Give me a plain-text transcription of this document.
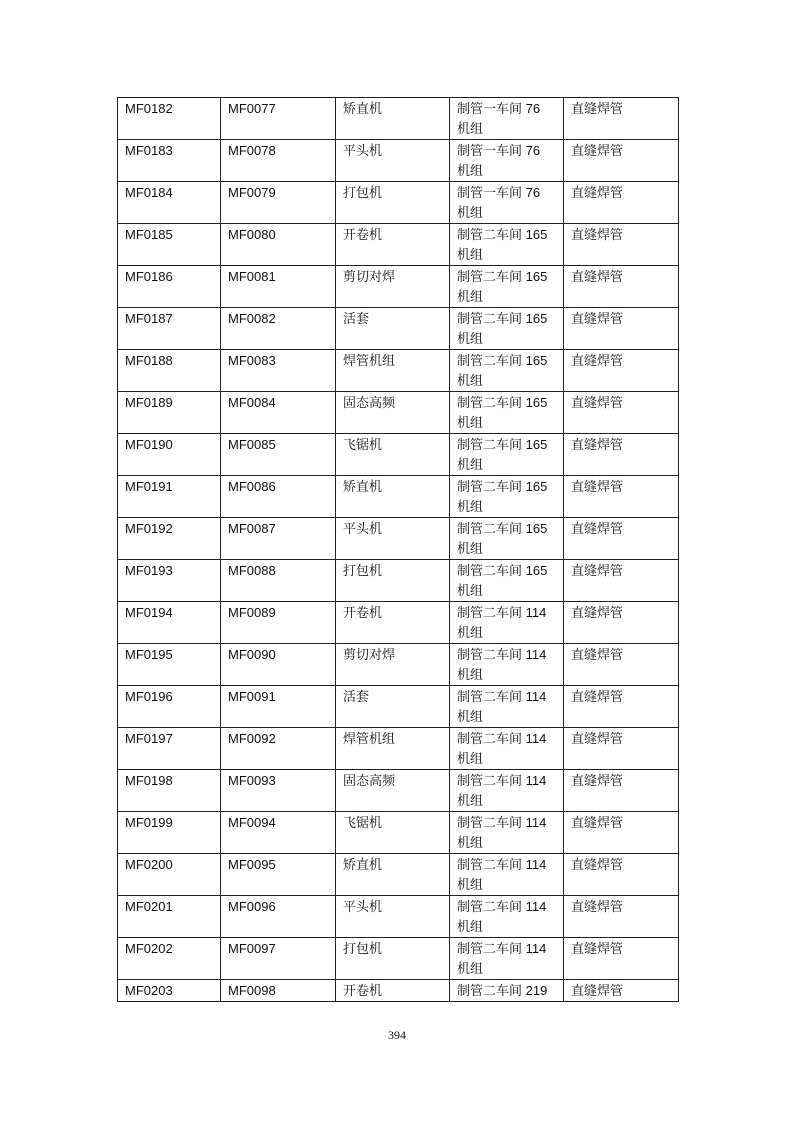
MF0182	MF0077	矫直机	制管一车间 76 机组	直缝焊管
MF0183	MF0078	平头机	制管一车间 76 机组	直缝焊管
MF0184	MF0079	打包机	制管一车间 76 机组	直缝焊管
MF0185	MF0080	开卷机	制管二车间 165 机组	直缝焊管
MF0186	MF0081	剪切对焊	制管二车间 165 机组	直缝焊管
MF0187	MF0082	活套	制管二车间 165 机组	直缝焊管
MF0188	MF0083	焊管机组	制管二车间 165 机组	直缝焊管
MF0189	MF0084	固态高频	制管二车间 165 机组	直缝焊管
MF0190	MF0085	飞锯机	制管二车间 165 机组	直缝焊管
MF0191	MF0086	矫直机	制管二车间 165 机组	直缝焊管
MF0192	MF0087	平头机	制管二车间 165 机组	直缝焊管
MF0193	MF0088	打包机	制管二车间 165 机组	直缝焊管
MF0194	MF0089	开卷机	制管二车间 114 机组	直缝焊管
MF0195	MF0090	剪切对焊	制管二车间 114 机组	直缝焊管
MF0196	MF0091	活套	制管二车间 114 机组	直缝焊管
MF0197	MF0092	焊管机组	制管二车间 114 机组	直缝焊管
MF0198	MF0093	固态高频	制管二车间 114 机组	直缝焊管
MF0199	MF0094	飞锯机	制管二车间 114 机组	直缝焊管
MF0200	MF0095	矫直机	制管二车间 114 机组	直缝焊管
MF0201	MF0096	平头机	制管二车间 114 机组	直缝焊管
MF0202	MF0097	打包机	制管二车间 114 机组	直缝焊管
MF0203	MF0098	开卷机	制管二车间 219	直缝焊管
394
